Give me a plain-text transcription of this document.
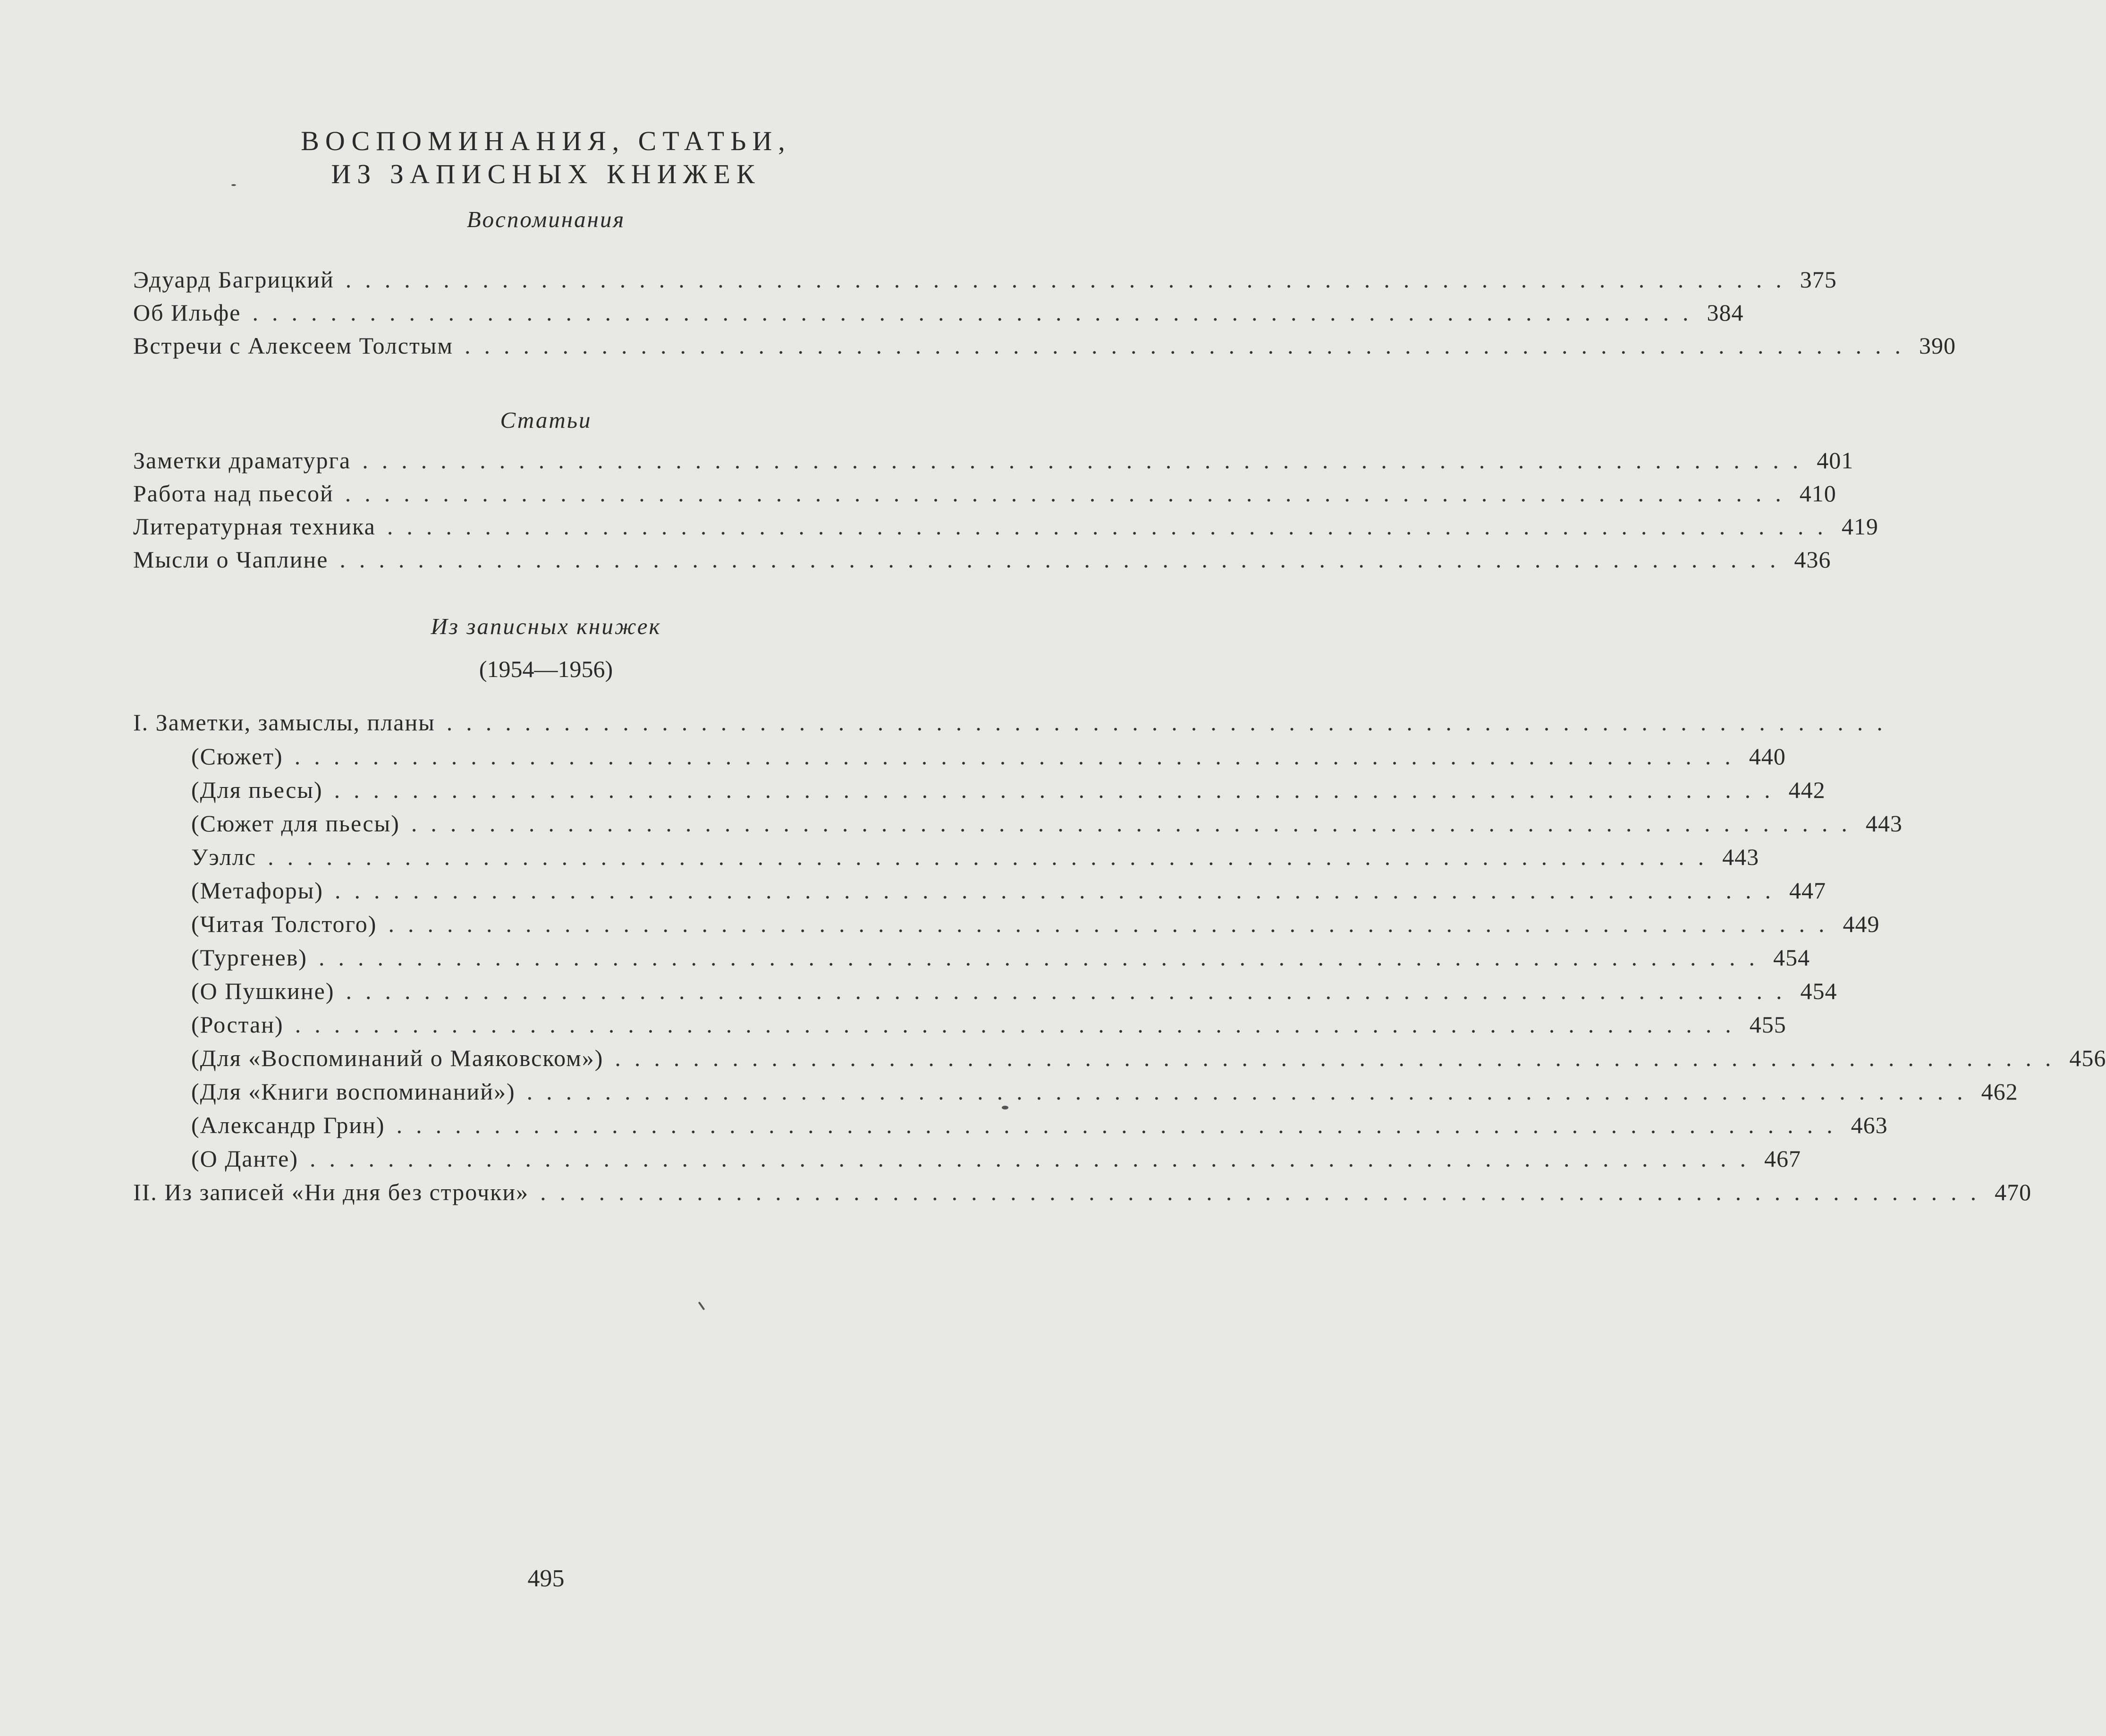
ВОСПОМИНАНИЯ, СТАТЬИ,
ИЗ ЗАПИСНЫХ КНИЖЕК
Воспоминания
Эдуард Багрицкий .......................................................................... 375
Об Ильфе .......................................................................... 384
Встречи с Алексеем Толстым .......................................................................... 390
Статьи
Заметки драматурга .......................................................................... 401
Работа над пьесой .......................................................................... 410
Литературная техника .......................................................................... 419
Мысли о Чаплине .......................................................................... 436
Из записных книжек
(1954—1956)
I. Заметки, замыслы, планы ..........................................................................
(Сюжет) .......................................................................... 440
(Для пьесы) .......................................................................... 442
(Сюжет для пьесы) .......................................................................... 443
Уэллс .......................................................................... 443
(Метафоры) .......................................................................... 447
(Читая Толстого) .......................................................................... 449
(Тургенев) .......................................................................... 454
(О Пушкине) .......................................................................... 454
(Ростан) .......................................................................... 455
(Для «Воспоминаний о Маяковском») .......................................................................... 456
(Для «Книги воспоминаний») .......................................................................... 462
(Александр Грин) .......................................................................... 463
(О Данте) .......................................................................... 467
II. Из записей «Ни дня без строчки» .......................................................................... 470
495
